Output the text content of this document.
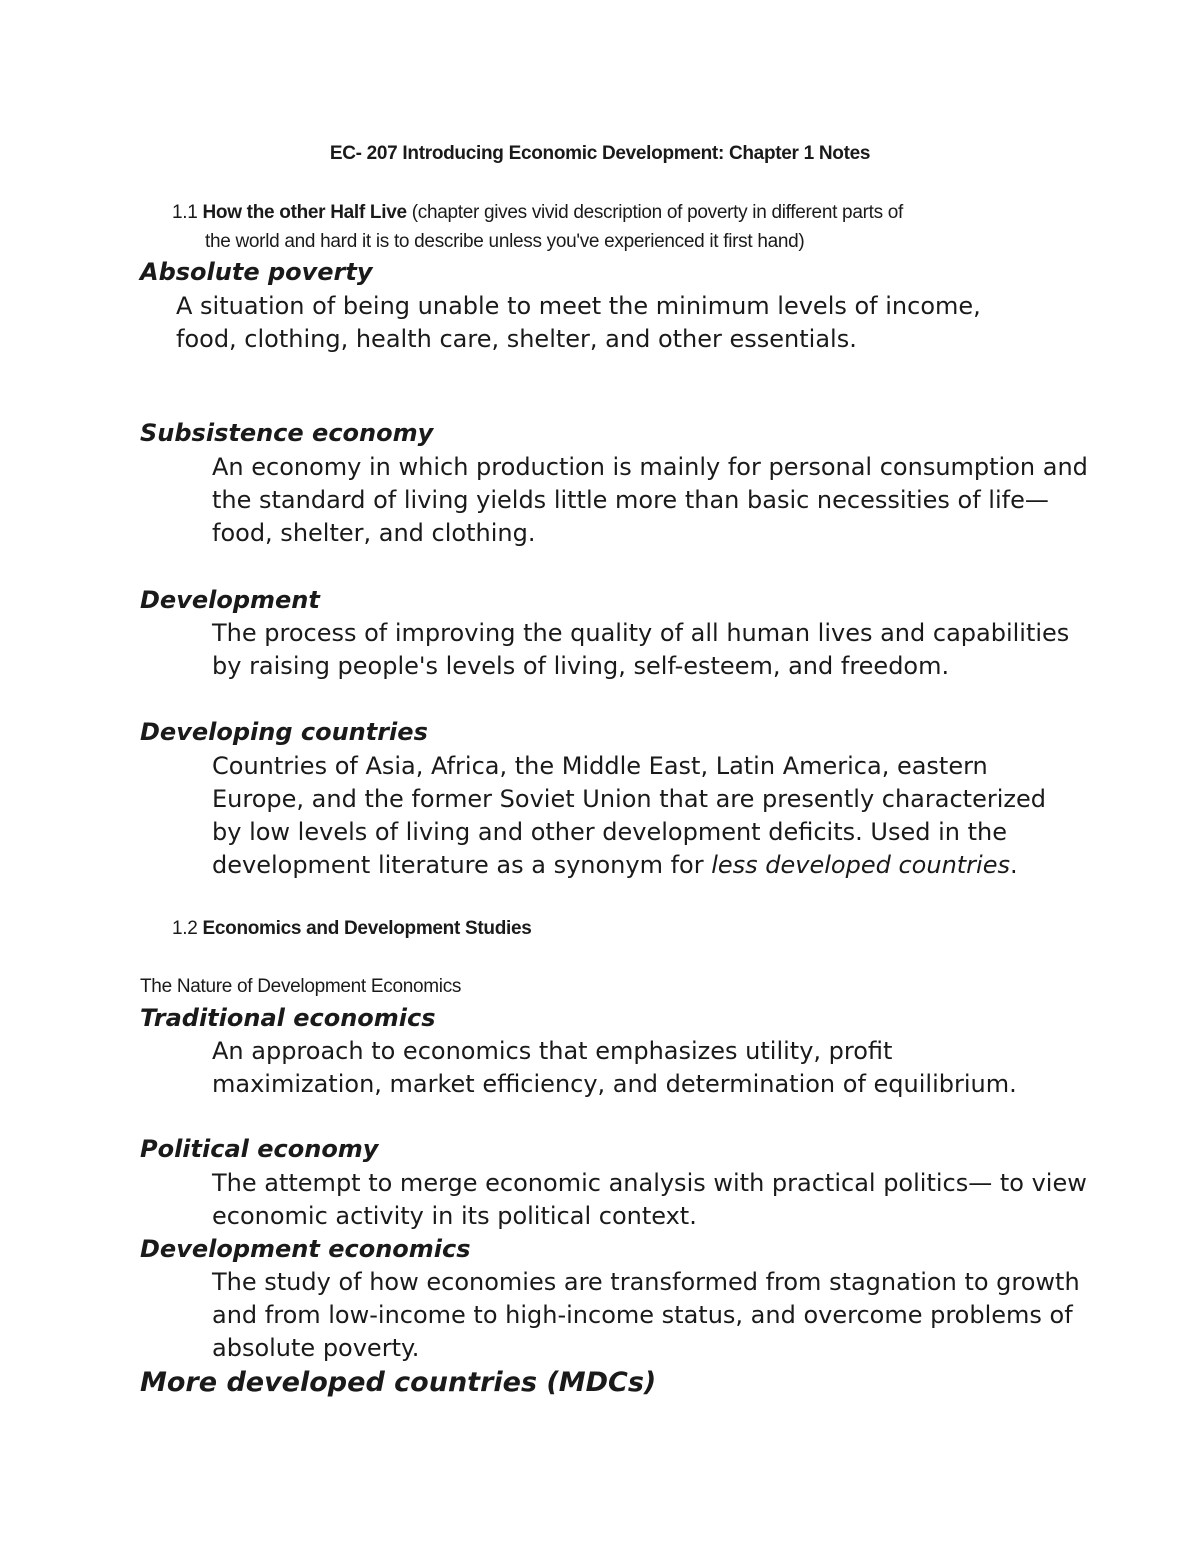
EC- 207 Introducing Economic Development: Chapter 1 Notes
1.1 How the other Half Live (chapter gives vivid description of poverty in different parts of
the world and hard it is to describe unless you've experienced it first hand)
Absolute poverty
A situation of being unable to meet the minimum levels of income, food, clothing, health care, shelter, and other essentials.
Subsistence economy
An economy in which production is mainly for personal consumption and the standard of living yields little more than basic necessities of life—food, shelter, and clothing.
Development
The process of improving the quality of all human lives and capabilities by raising people's levels of living, self-esteem, and freedom.
Developing countries
Countries of Asia, Africa, the Middle East, Latin America, eastern Europe, and the former Soviet Union that are presently characterized by low levels of living and other development deficits. Used in the development literature as a synonym for less developed countries.
1.2 Economics and Development Studies
The Nature of Development Economics
Traditional economics
An approach to economics that emphasizes utility, profit maximization, market efficiency, and determination of equilibrium.
Political economy
The attempt to merge economic analysis with practical politics— to view economic activity in its political context.
Development economics
The study of how economies are transformed from stagnation to growth and from low-income to high-income status, and overcome problems of absolute poverty.
More developed countries (MDCs)
